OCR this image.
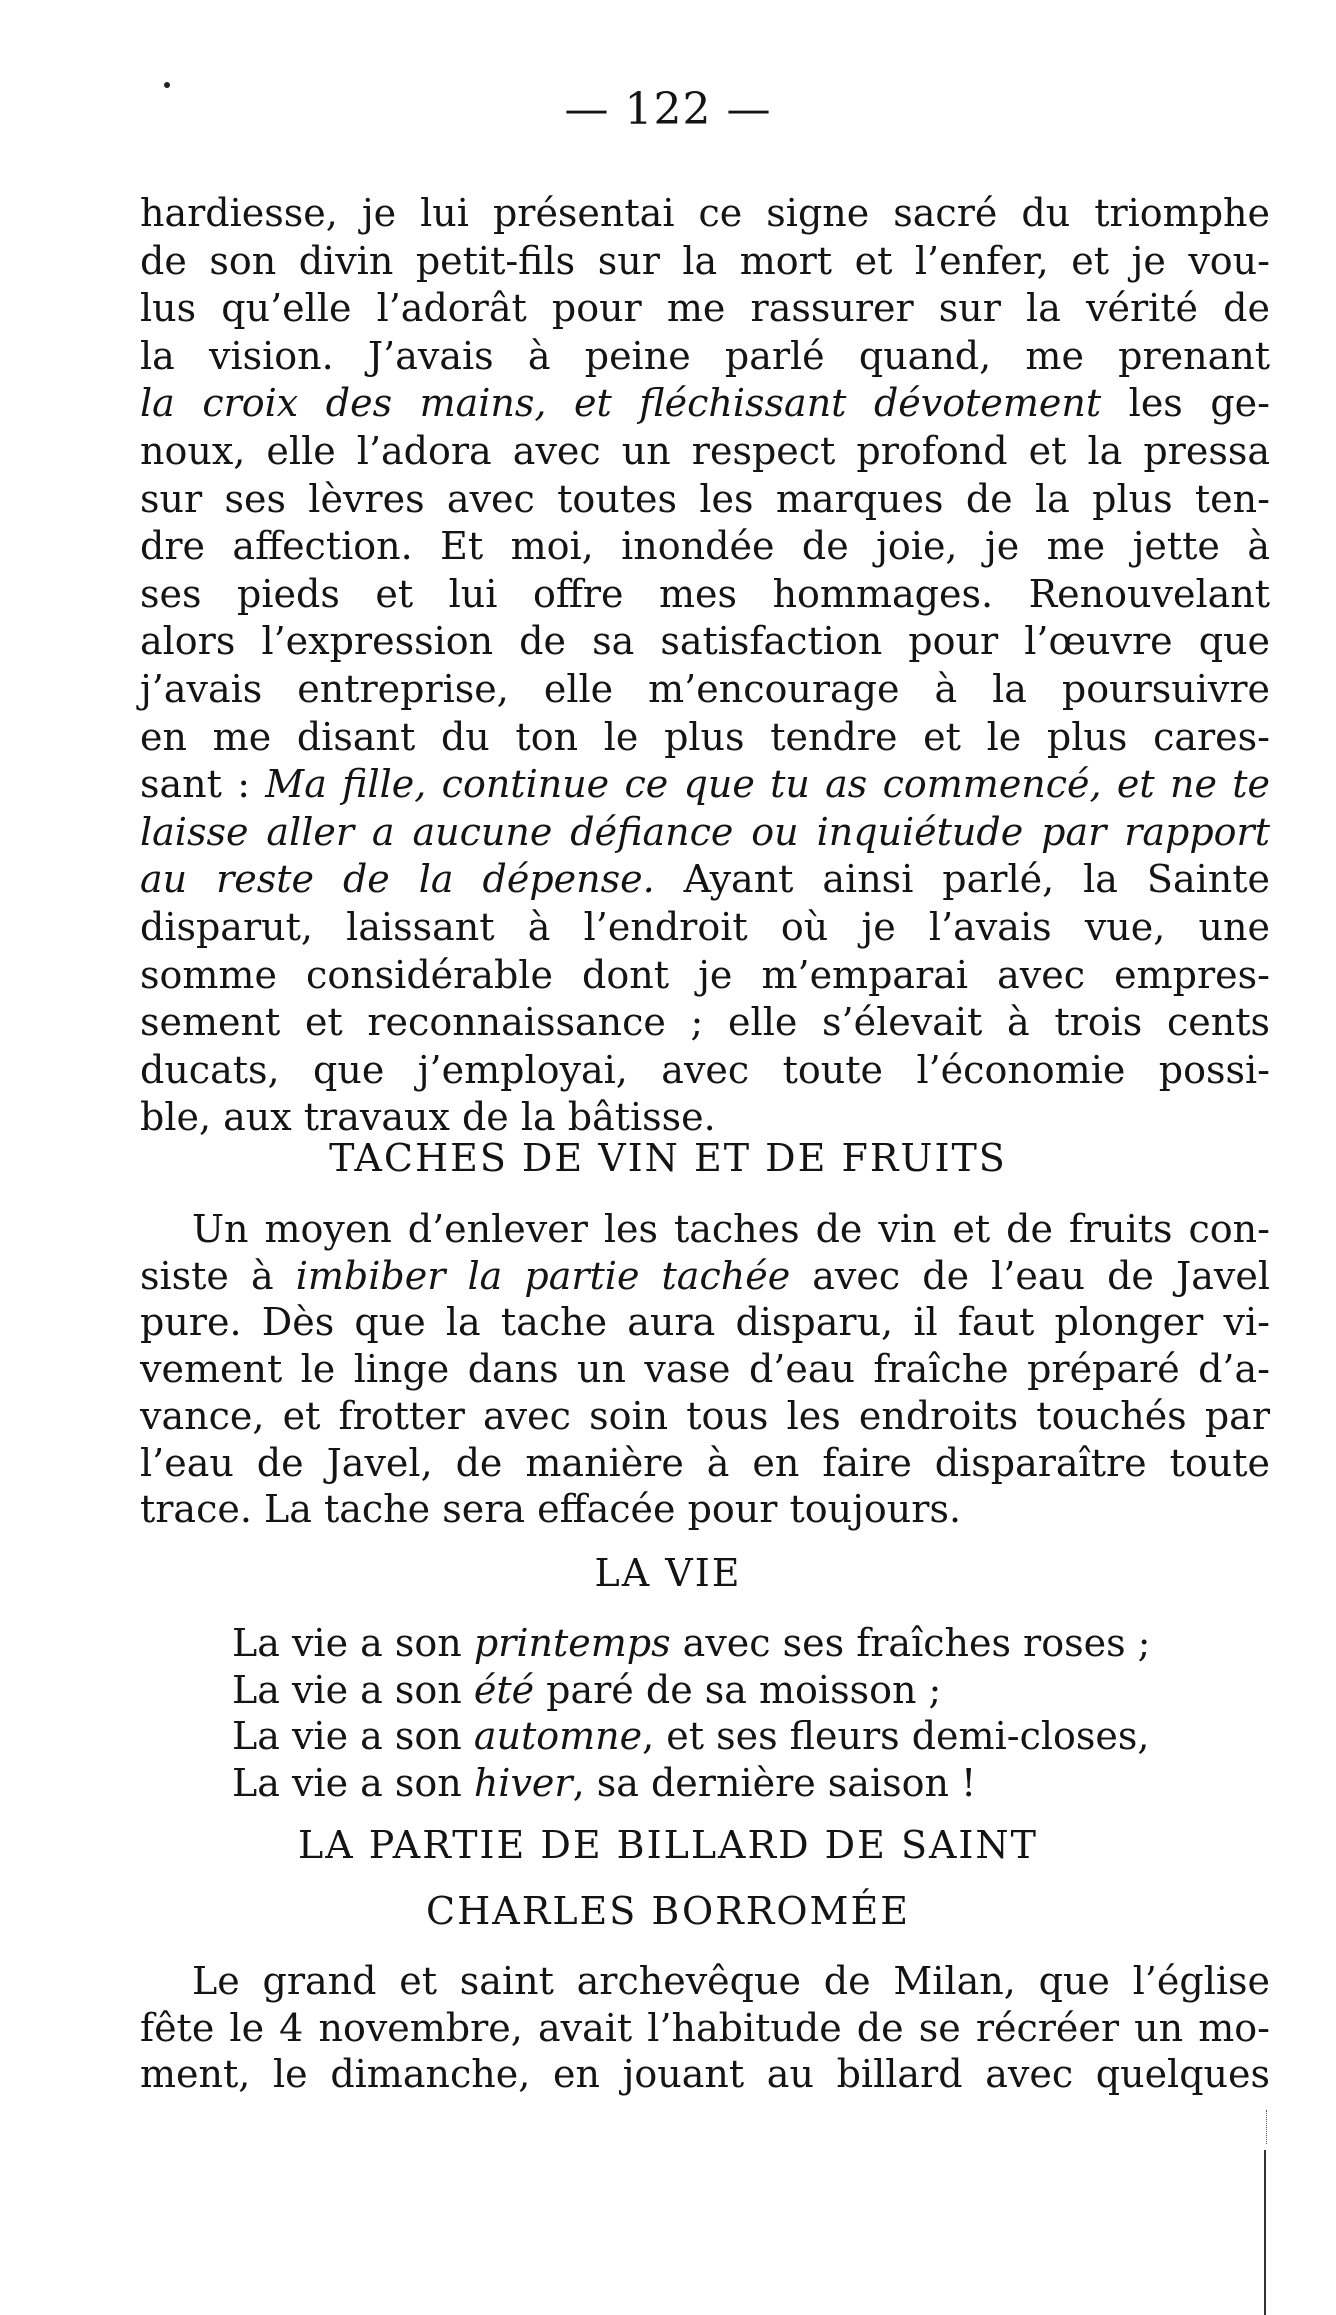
— 122 —
hardiesse, je lui présentai ce signe sacré du triomphe
de son divin petit-fils sur la mort et l’enfer, et je vou-
lus qu’elle l’adorât pour me rassurer sur la vérité de
la vision. J’avais à peine parlé quand, me prenant
la croix des mains, et fléchissant dévotement les ge-
noux, elle l’adora avec un respect profond et la pressa
sur ses lèvres avec toutes les marques de la plus ten-
dre affection. Et moi, inondée de joie, je me jette à
ses pieds et lui offre mes hommages. Renouvelant
alors l’expression de sa satisfaction pour l’œuvre que
j’avais entreprise, elle m’encourage à la poursuivre
en me disant du ton le plus tendre et le plus cares-
sant : Ma fille, continue ce que tu as commencé, et ne te
laisse aller a aucune défiance ou inquiétude par rapport
au reste de la dépense. Ayant ainsi parlé, la Sainte
disparut, laissant à l’endroit où je l’avais vue, une
somme considérable dont je m’emparai avec empres-
sement et reconnaissance ; elle s’élevait à trois cents
ducats, que j’employai, avec toute l’économie possi-
ble, aux travaux de la bâtisse.
TACHES DE VIN ET DE FRUITS
Un moyen d’enlever les taches de vin et de fruits con-
siste à imbiber la partie tachée avec de l’eau de Javel
pure. Dès que la tache aura disparu, il faut plonger vi-
vement le linge dans un vase d’eau fraîche préparé d’a-
vance, et frotter avec soin tous les endroits touchés par
l’eau de Javel, de manière à en faire disparaître toute
trace. La tache sera effacée pour toujours.
LA VIE
La vie a son printemps avec ses fraîches roses ;
La vie a son été paré de sa moisson ;
La vie a son automne, et ses fleurs demi-closes,
La vie a son hiver, sa dernière saison !
LA PARTIE DE BILLARD DE SAINT
CHARLES BORROMÉE
Le grand et saint archevêque de Milan, que l’église
fête le 4 novembre, avait l’habitude de se récréer un mo-
ment, le dimanche, en jouant au billard avec quelques
